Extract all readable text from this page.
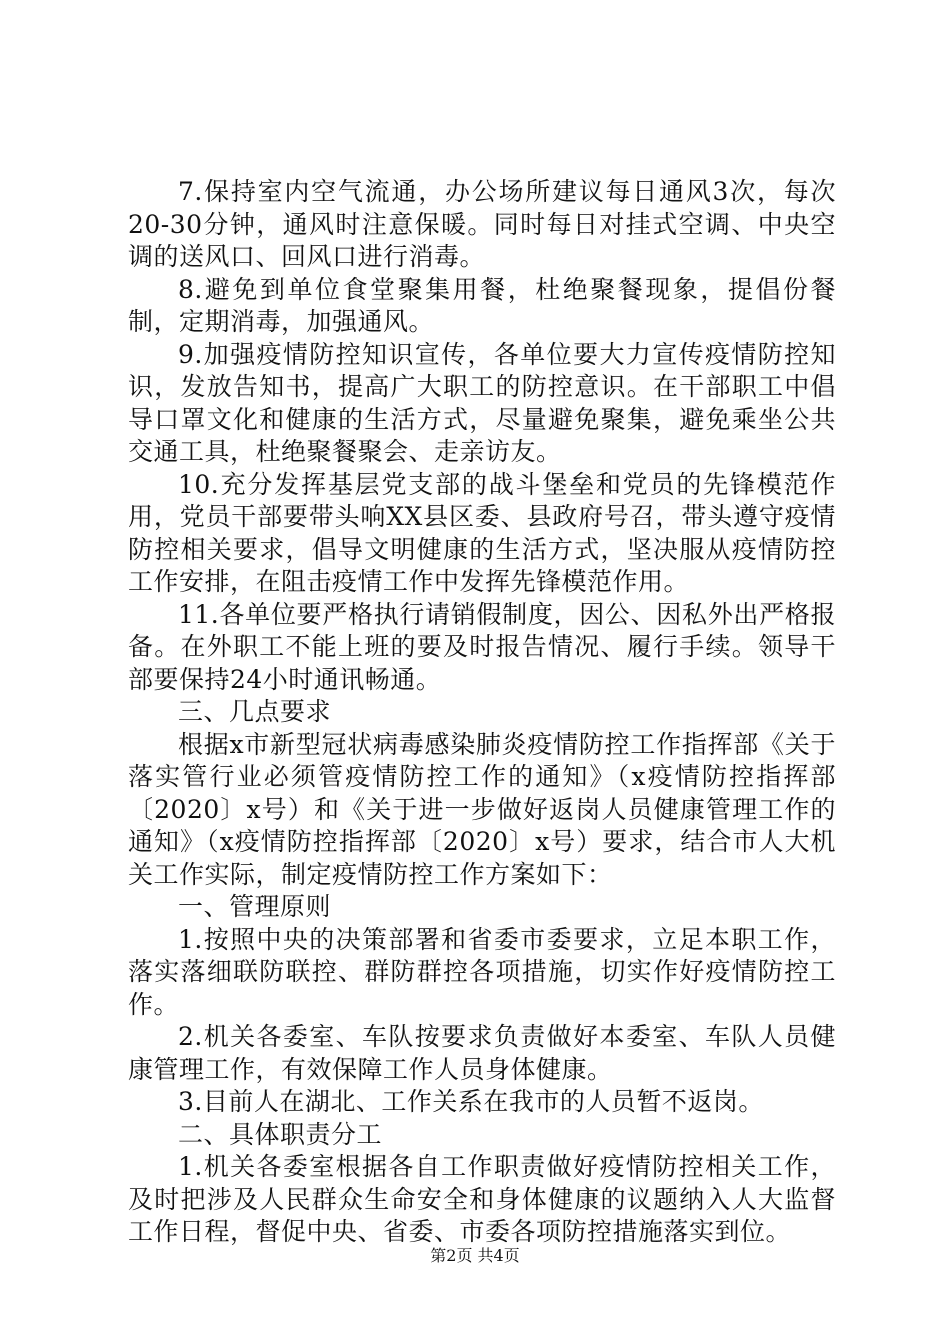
7.保持室内空气流通，办公场所建议每日通风3次，每次20-30分钟，通风时注意保暖。同时每日对挂式空调、中央空调的送风口、回风口进行消毒。

8.避免到单位食堂聚集用餐，杜绝聚餐现象，提倡份餐制，定期消毒，加强通风。

9.加强疫情防控知识宣传，各单位要大力宣传疫情防控知识，发放告知书，提高广大职工的防控意识。在干部职工中倡导口罩文化和健康的生活方式，尽量避免聚集，避免乘坐公共交通工具，杜绝聚餐聚会、走亲访友。

10.充分发挥基层党支部的战斗堡垒和党员的先锋模范作用，党员干部要带头响XX县区委、县政府号召，带头遵守疫情防控相关要求，倡导文明健康的生活方式，坚决服从疫情防控工作安排，在阻击疫情工作中发挥先锋模范作用。

11.各单位要严格执行请销假制度，因公、因私外出严格报备。在外职工不能上班的要及时报告情况、履行手续。领导干部要保持24小时通讯畅通。

三、几点要求

根据x市新型冠状病毒感染肺炎疫情防控工作指挥部《关于落实管行业必须管疫情防控工作的通知》（x疫情防控指挥部〔2020〕x号）和《关于进一步做好返岗人员健康管理工作的通知》（x疫情防控指挥部〔2020〕x号）要求，结合市人大机关工作实际，制定疫情防控工作方案如下：

一、管理原则

1.按照中央的决策部署和省委市委要求，立足本职工作，落实落细联防联控、群防群控各项措施，切实作好疫情防控工作。

2.机关各委室、车队按要求负责做好本委室、车队人员健康管理工作，有效保障工作人员身体健康。

3.目前人在湖北、工作关系在我市的人员暂不返岗。

二、具体职责分工

1.机关各委室根据各自工作职责做好疫情防控相关工作，及时把涉及人民群众生命安全和身体健康的议题纳入人大监督工作日程，督促中央、省委、市委各项防控措施落实到位。

第2页 共4页
